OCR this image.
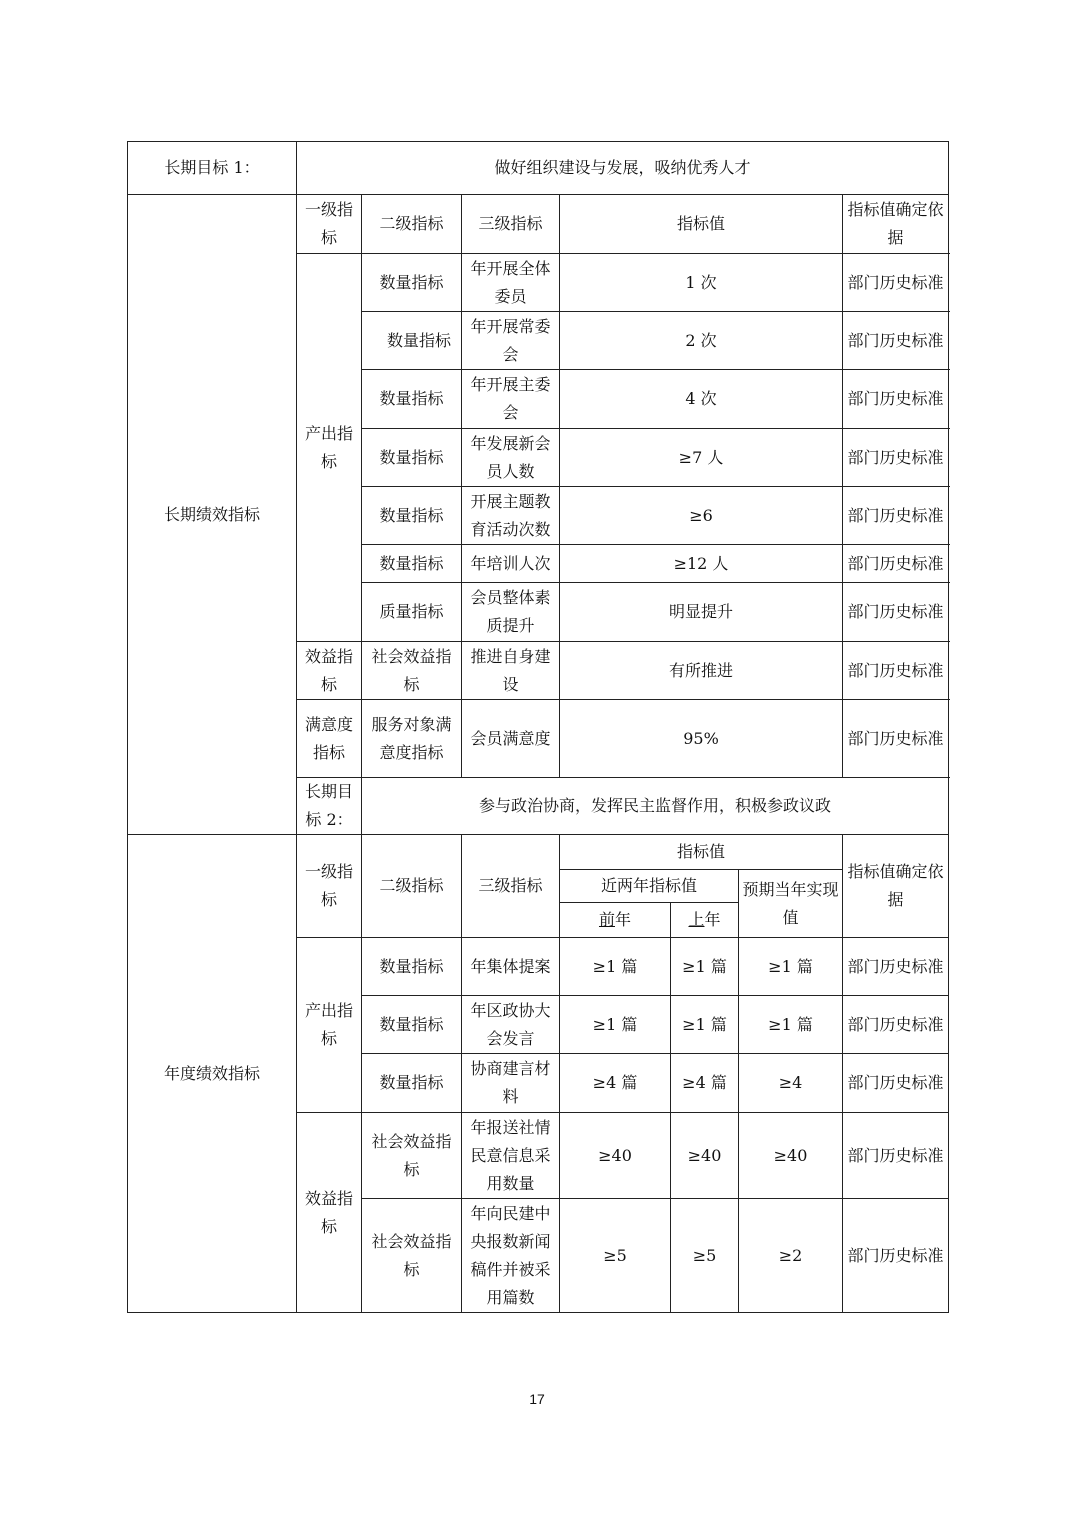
长期目标 1：	做好组织建设与发展，吸纳优秀人才						
长期绩效指标	一级指标	二级指标	三级指标	指标值			指标值确定依据
	产出指标	数量指标	年开展全体委员	1 次			部门历史标准
		数量指标	年开展常委会	2 次			部门历史标准
		数量指标	年开展主委会	4 次			部门历史标准
		数量指标	年发展新会员人数	≥7 人			部门历史标准
		数量指标	开展主题教育活动次数	≥6			部门历史标准
		数量指标	年培训人次	≥12 人			部门历史标准
		质量指标	会员整体素质提升	明显提升			部门历史标准
	效益指标	社会效益指标	推进自身建设	有所推进			部门历史标准
	满意度指标	服务对象满意度指标	会员满意度	95%			部门历史标准
	长期目标 2：	参与政治协商，发挥民主监督作用，积极参政议政					
年度绩效指标	一级指标	二级指标	三级指标	指标值			指标值确定依据
				近两年指标值		预期当年实现值	
				前年	上年		
	产出指标	数量指标	年集体提案	≥1 篇	≥1 篇	≥1 篇	部门历史标准
		数量指标	年区政协大会发言	≥1 篇	≥1 篇	≥1 篇	部门历史标准
		数量指标	协商建言材料	≥4 篇	≥4 篇	≥4	部门历史标准
	效益指标	社会效益指标	年报送社情民意信息采用数量	≥40	≥40	≥40	部门历史标准
		社会效益指标	年向民建中央报数新闻稿件并被采用篇数	≥5	≥5	≥2	部门历史标准
17
